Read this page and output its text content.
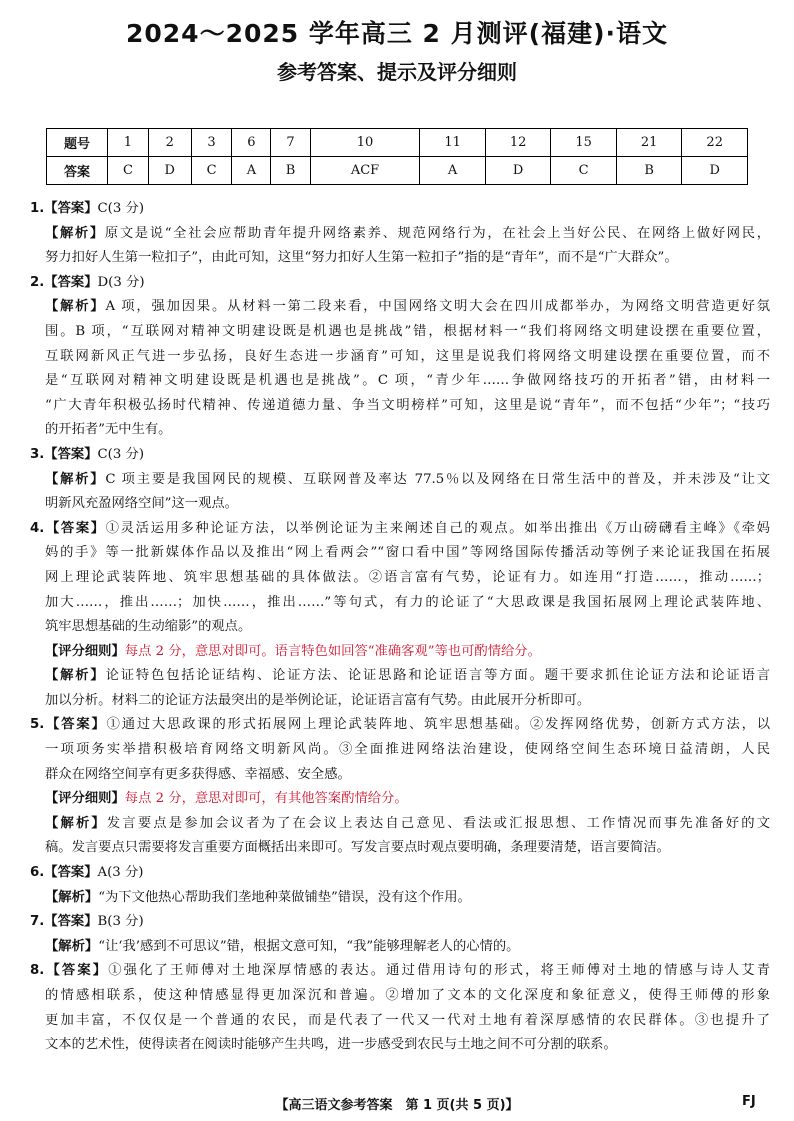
2024～2025 学年高三 2 月测评(福建)·语文
参考答案、提示及评分细则
题号	1	2	3	6	7	10	11	12	15	21	22
答案	C	D	C	A	B	ACF	A	D	C	B	D
1.【答案】C(3 分)
【解析】原文是说“全社会应帮助青年提升网络素养、规范网络行为，在社会上当好公民、在网络上做好网民，
努力扣好人生第一粒扣子”，由此可知，这里“努力扣好人生第一粒扣子”指的是“青年”，而不是“广大群众”。
2.【答案】D(3 分)
【解析】A 项，强加因果。从材料一第二段来看，中国网络文明大会在四川成都举办，为网络文明营造更好氛
围。B 项，“互联网对精神文明建设既是机遇也是挑战”错，根据材料一“我们将网络文明建设摆在重要位置，
互联网新风正气进一步弘扬，良好生态进一步涵育”可知，这里是说我们将网络文明建设摆在重要位置，而不
是“互联网对精神文明建设既是机遇也是挑战”。C 项，“青少年……争做网络技巧的开拓者”错，由材料一
“广大青年积极弘扬时代精神、传递道德力量、争当文明榜样”可知，这里是说“青年”，而不包括“少年”；“技巧
的开拓者”无中生有。
3.【答案】C(3 分)
【解析】C 项主要是我国网民的规模、互联网普及率达 77.5％以及网络在日常生活中的普及，并未涉及“让文
明新风充盈网络空间”这一观点。
4.【答案】①灵活运用多种论证方法，以举例论证为主来阐述自己的观点。如举出推出《万山磅礴看主峰》《牵妈
妈的手》等一批新媒体作品以及推出“网上看两会”“窗口看中国”等网络国际传播活动等例子来论证我国在拓展
网上理论武装阵地、筑牢思想基础的具体做法。②语言富有气势，论证有力。如连用“打造……，推动……；
加大……，推出……；加快……，推出……”等句式，有力的论证了“大思政课是我国拓展网上理论武装阵地、
筑牢思想基础的生动缩影”的观点。
【评分细则】每点 2 分，意思对即可。语言特色如回答“准确客观”等也可酌情给分。
【解析】论证特色包括论证结构、论证方法、论证思路和论证语言等方面。题干要求抓住论证方法和论证语言
加以分析。材料二的论证方法最突出的是举例论证，论证语言富有气势。由此展开分析即可。
5.【答案】①通过大思政课的形式拓展网上理论武装阵地、筑牢思想基础。②发挥网络优势，创新方式方法，以
一项项务实举措积极培育网络文明新风尚。③全面推进网络法治建设，使网络空间生态环境日益清朗，人民
群众在网络空间享有更多获得感、幸福感、安全感。
【评分细则】每点 2 分，意思对即可，有其他答案酌情给分。
【解析】发言要点是参加会议者为了在会议上表达自己意见、看法或汇报思想、工作情况而事先准备好的文
稿。发言要点只需要将发言重要方面概括出来即可。写发言要点时观点要明确，条理要清楚，语言要简洁。
6.【答案】A(3 分)
【解析】“为下文他热心帮助我们垄地种菜做铺垫”错误，没有这个作用。
7.【答案】B(3 分)
【解析】“让‘我’感到不可思议”错，根据文意可知，“我”能够理解老人的心情的。
8.【答案】①强化了王师傅对土地深厚情感的表达。通过借用诗句的形式，将王师傅对土地的情感与诗人艾青
的情感相联系，使这种情感显得更加深沉和普遍。②增加了文本的文化深度和象征意义，使得王师傅的形象
更加丰富，不仅仅是一个普通的农民，而是代表了一代又一代对土地有着深厚感情的农民群体。③也提升了
文本的艺术性，使得读者在阅读时能够产生共鸣，进一步感受到农民与土地之间不可分割的联系。
【高三语文参考答案　第 1 页(共 5 页)】	FJ
